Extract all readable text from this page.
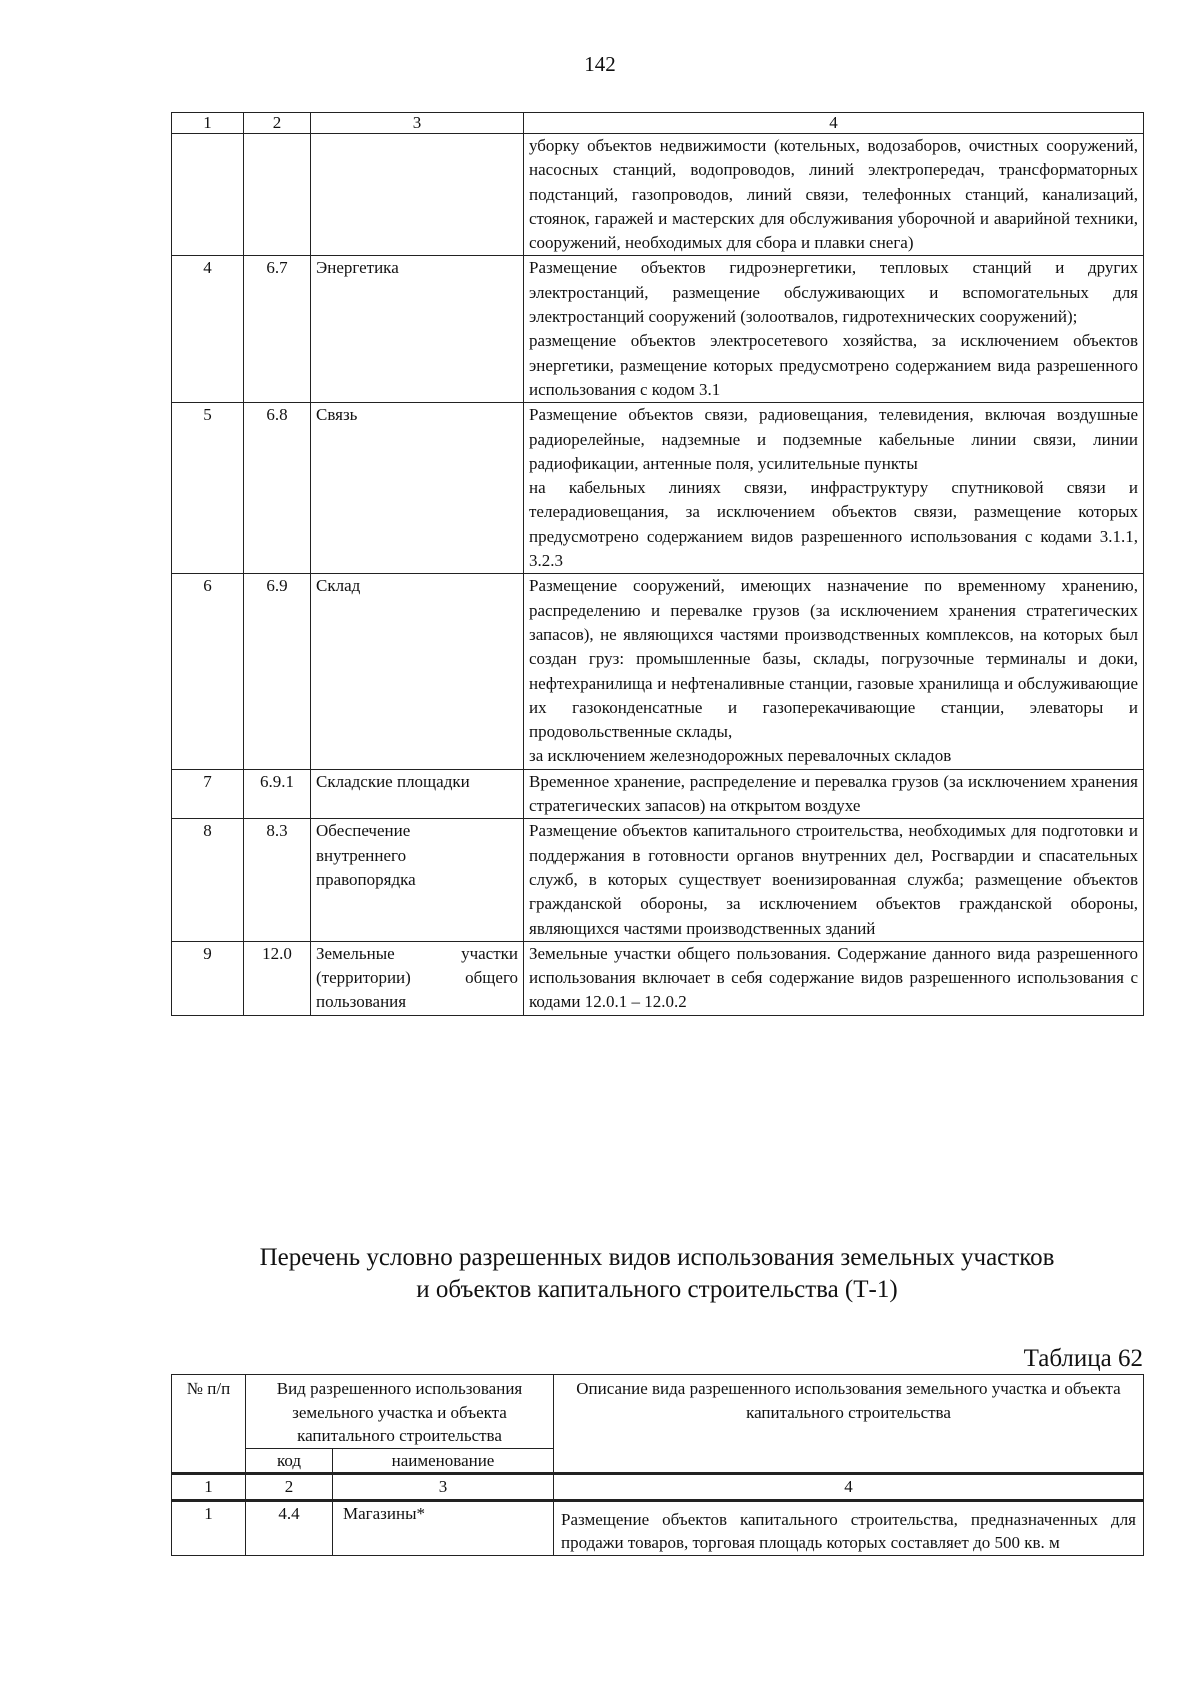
142
1	2	3	4
			уборку объектов недвижимости (котельных, водозаборов, очистных сооружений, насосных станций, водопроводов, линий электропередач, трансформаторных подстанций, газопроводов, линий связи, телефонных станций, канализаций, стоянок, гаражей и мастерских для обслуживания уборочной и аварийной техники, сооружений, необходимых для сбора и плавки снега)
4	6.7	Энергетика	Размещение объектов гидроэнергетики, тепловых станций и других электростанций, размещение обслуживающих и вспомогательных для электростанций сооружений (золоотвалов, гидротехнических сооружений);
размещение объектов электросетевого хозяйства, за исключением объектов энергетики, размещение которых предусмотрено содержанием вида разрешенного использования с кодом 3.1

5	6.8	Связь	Размещение объектов связи, радиовещания, телевидения, включая воздушные радиорелейные, надземные и подземные кабельные линии связи, линии радиофикации, антенные поля, усилительные пункты
на кабельных линиях связи, инфраструктуру спутниковой связи и телерадиовещания, за исключением объектов связи, размещение которых предусмотрено содержанием видов разрешенного использования с кодами 3.1.1, 3.2.3

6	6.9	Склад	Размещение сооружений, имеющих назначение по временному хранению, распределению и перевалке грузов (за исключением хранения стратегических запасов), не являющихся частями производственных комплексов, на которых был создан груз: промышленные базы, склады, погрузочные терминалы и доки, нефтехранилища и нефтеналивные станции, газовые хранилища и обслуживающие их газоконденсатные и газоперекачивающие станции, элеваторы и продовольственные склады,
за исключением железнодорожных перевалочных складов

7	6.9.1	Складские площадки	Временное хранение, распределение и перевалка грузов (за исключением хранения стратегических запасов) на открытом воздухе
8	8.3	Обеспечение внутреннего правопорядка	Размещение объектов капитального строительства, необходимых для подготовки и поддержания в готовности органов внутренних дел, Росгвардии и спасательных служб, в которых существует военизированная служба; размещение объектов гражданской обороны, за исключением объектов гражданской обороны, являющихся частями производственных зданий
9	12.0	Земельные участки (территории) общего пользования	Земельные участки общего пользования. Содержание данного вида разрешенного использования включает в себя содержание видов разрешенного использования с кодами 12.0.1 – 12.0.2
Перечень условно разрешенных видов использования земельных участков
и объектов капитального строительства (Т-1)
Таблица 62
№ п/п	Вид разрешенного использования земельного участка и объекта капитального строительства		Описание вида разрешенного использования земельного участка и объекта капитального строительства
	код	наименование	
1	2	3	4
1	4.4	Магазины*	Размещение объектов капитального строительства, предназначенных для продажи товаров, торговая площадь которых составляет до 500 кв. м
